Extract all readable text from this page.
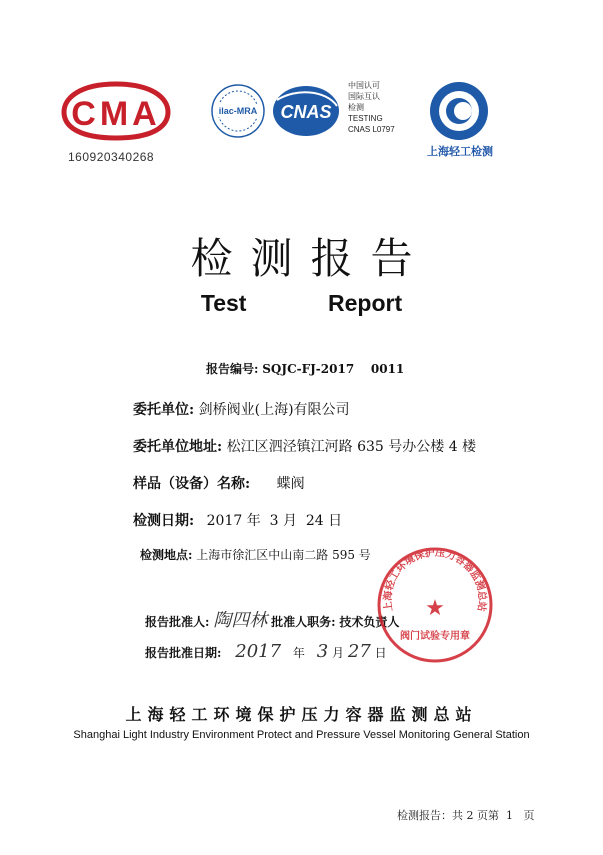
CMA
160920340268
ilac-MRA CNAS
中国认可
国际互认
检测
TESTING
CNAS L0797
上海轻工检测
检测报告
Test    Report
报告编号: SQJC-FJ-2017    0011
委托单位: 剑桥阀业(上海)有限公司
委托单位地址: 松江区泗泾镇江河路 635 号办公楼 4 楼
样品（设备）名称: 蝶阀
检测日期: 2017 年  3 月  24 日
检测地点: 上海市徐汇区中山南二路 595 号
报告批准人: 陶四林 批准人职务: 技术负责人
报告批准日期: 2017 年 3 月 27 日
上海轻工环境保护压力容器监测总站
★
阀门试验专用章
上海轻工环境保护压力容器监测总站
Shanghai Light Industry Environment Protect and Pressure Vessel Monitoring General Station
检测报告：共 2 页第  1   页
